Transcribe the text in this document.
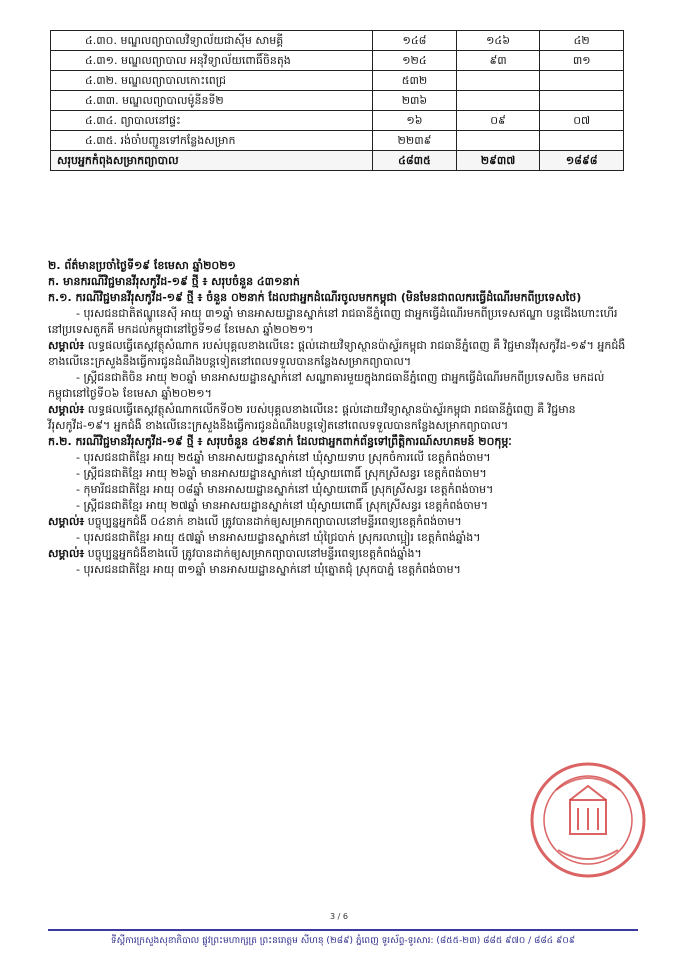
៤.៣០. មណ្ឌលព្យាបាលវិទ្យាល័យជាស៊ីម សាមគ្គី	១៤៨	១៤៦	៤២
៤.៣១. មណ្ឌលព្យាបាល អនុវិទ្យាល័យពោធិ៍ចិនតុង	១២៤	៩៣	៣១
៤.៣២. មណ្ឌលព្យាបាលកោះពេជ្រ	៥៣២		
៤.៣៣. មណ្ឌលព្យាបាលម៉ូនីនទី២	២៣៦		
៤.៣៤. ព្យាបាលនៅផ្ទះ	១៦	០៩	០៧
៤.៣៥. រង់ចាំបញ្ជូនទៅកន្លែងសម្រាក	២២៣៩		
សរុបអ្នកកំពុងសម្រាកព្យាបាល	៤៨៣៥	២៩៣៧	១៨៩៨

២. ព័ត៌មានប្រចាំថ្ងៃទី១៩ ខែមេសា ឆ្នាំ២០២១

ក. មានករណីវិជ្ជមានវីរុសកូវីដ-១៩ ថ្មី ៖ សរុបចំនួន ៤៣១នាក់

ក.១. ករណីវិជ្ជមានវីរុសកូវីដ-១៩ ថ្មី ៖ ចំនួន ០២នាក់ ដែលជាអ្នកដំណើរចូលមកកម្ពុជា (មិនមែនជាពលករធ្វើដំណើរមកពីប្រទេសថៃ)

- បុរសជនជាតិឥណ្ឌូនេស៊ី អាយុ ៣១ឆ្នាំ មានអាសយដ្ឋានស្នាក់នៅ រាជធានីភ្នំពេញ ជាអ្នកធ្វើដំណើរមកពីប្រទេសឥណ្ឌា បន្តជើងហោះហើរនៅប្រទេសតួកគី មកដល់កម្ពុជានៅថ្ងៃទី១៨ ខែមេសា ឆ្នាំ២០២១។

សម្គាល់៖ លទ្ធផលធ្វើតេស្តវត្ថុសំណាក របស់បុគ្គលខាងលើនេះ ផ្តល់ដោយវិទ្យាស្ថានប៉ាស្ទ័រកម្ពុជា រាជធានីភ្នំពេញ គឺ វិជ្ជមានវីរុសកូវីដ-១៩។ អ្នកជំងឺ ខាងលើនេះក្រសួងនឹងធ្វើការជូនដំណឹងបន្តទៀតនៅពេលទទួលបានកន្លែងសម្រាកព្យាបាល។

- ស្ត្រីជនជាតិចិន អាយុ ២០ឆ្នាំ មានអាសយដ្ឋានស្នាក់នៅ សណ្ឋាគារមួយក្នុងរាជធានីភ្នំពេញ ជាអ្នកធ្វើដំណើរមកពីប្រទេសចិន មកដល់កម្ពុជានៅថ្ងៃទី០៦ ខែមេសា ឆ្នាំ២០២១។

សម្គាល់៖ លទ្ធផលធ្វើតេស្តវត្ថុសំណាកលើកទី០២ របស់បុគ្គលខាងលើនេះ ផ្តល់ដោយវិទ្យាស្ថានប៉ាស្ទ័រកម្ពុជា រាជធានីភ្នំពេញ គឺ វិជ្ជមានវីរុសកូវីដ-១៩។ អ្នកជំងឺ ខាងលើនេះក្រសួងនឹងធ្វើការជូនដំណឹងបន្តទៀតនៅពេលទទួលបានកន្លែងសម្រាកព្យាបាល។

ក.២. ករណីវិជ្ជមានវីរុសកូវីដ-១៩ ថ្មី ៖ សរុបចំនួន ៤២៩នាក់ ដែលជាអ្នកពាក់ព័ន្ធទៅព្រឹត្តិការណ៍សហគមន៍ ២០កុម្ភៈ

- បុរសជនជាតិខ្មែរ អាយុ ២៥ឆ្នាំ មានអាសយដ្ឋានស្នាក់នៅ ឃុំស្វាយទាប ស្រុកចំការលើ ខេត្តកំពង់ចាម។

- ស្ត្រីជនជាតិខ្មែរ អាយុ ២៦ឆ្នាំ មានអាសយដ្ឋានស្នាក់នៅ ឃុំស្វាយពោធិ៍ ស្រុកស្រីសន្ធរ ខេត្តកំពង់ចាម។

- កុមារីជនជាតិខ្មែរ អាយុ ០៨ឆ្នាំ មានអាសយដ្ឋានស្នាក់នៅ ឃុំស្វាយពោធិ៍ ស្រុកស្រីសន្ធរ ខេត្តកំពង់ចាម។

- ស្ត្រីជនជាតិខ្មែរ អាយុ ២៧ឆ្នាំ មានអាសយដ្ឋានស្នាក់នៅ ឃុំស្វាយពោធិ៍ ស្រុកស្រីសន្ធរ ខេត្តកំពង់ចាម។

សម្គាល់៖ បច្ចុប្បន្នអ្នកជំងឺ ០៤នាក់ ខាងលើ ត្រូវបានដាក់ឲ្យសម្រាកព្យាបាលនៅមន្ទីរពេទ្យខេត្តកំពង់ចាម។

- បុរសជនជាតិខ្មែរ អាយុ ៥៧ឆ្នាំ មានអាសយដ្ឋានស្នាក់នៅ ឃុំជ្រៃបាក់ ស្រុករលាប្អៀរ ខេត្តកំពង់ឆ្នាំង។

សម្គាល់៖ បច្ចុប្បន្នអ្នកជំងឺខាងលើ ត្រូវបានដាក់ឲ្យសម្រាកព្យាបាលនៅមន្ទីរពេទ្យខេត្តកំពង់ឆ្នាំង។

- បុរសជនជាតិខ្មែរ អាយុ ៣១ឆ្នាំ មានអាសយដ្ឋានស្នាក់នៅ ឃុំត្នោតជុំ ស្រុកបាភ្នំ ខេត្តកំពង់ចាម។

3 / 6
ទីស្តីការក្រសួងសុខាភិបាល ផ្លូវព្រះមហាក្សត្រ ព្រះនរោត្តម សីហនុ (២៨៩) ភ្នំពេញ ទូរស័ព្ទ-ទូរសារ: (៨៥៥-២៣) ៨៨៥ ៩៧០ / ៨៨៤ ៩០៩
